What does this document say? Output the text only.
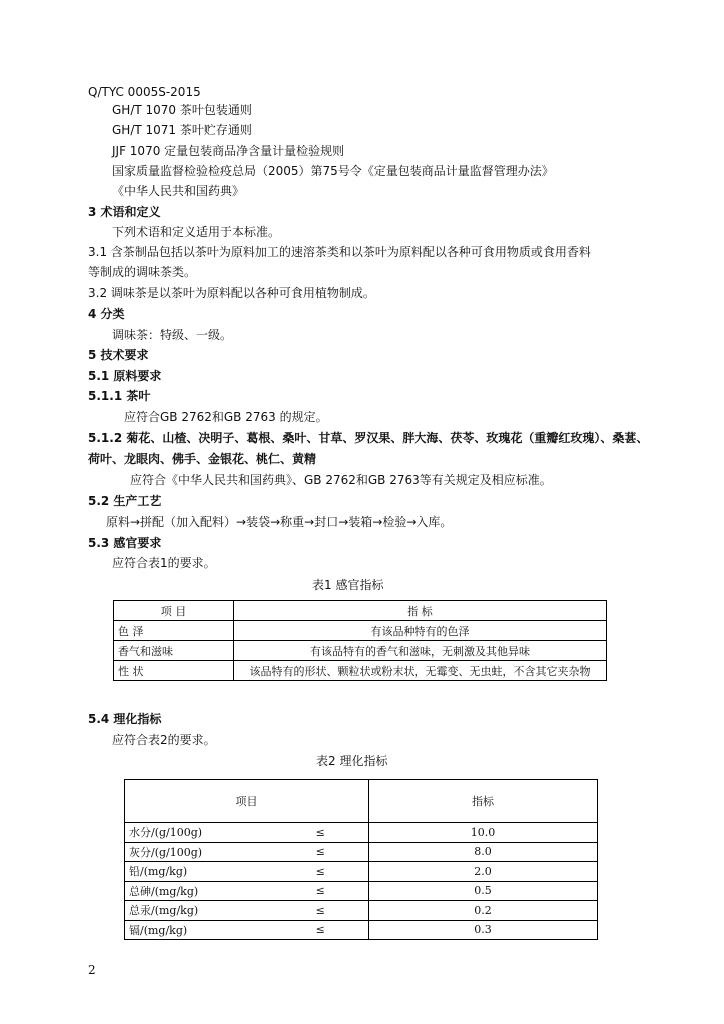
Q/TYC 0005S-2015
GH/T 1070 茶叶包装通则
GH/T 1071 茶叶贮存通则
JJF 1070 定量包装商品净含量计量检验规则
国家质量监督检验检疫总局（2005）第75号令《定量包装商品计量监督管理办法》
《中华人民共和国药典》
3 术语和定义
下列术语和定义适用于本标准。
3.1 含茶制品包括以茶叶为原料加工的速溶茶类和以茶叶为原料配以各种可食用物质或食用香料
等制成的调味茶类。
3.2 调味茶是以茶叶为原料配以各种可食用植物制成。
4 分类
调味茶：特级、一级。
5 技术要求
5.1 原料要求
5.1.1 茶叶
应符合GB 2762和GB 2763 的规定。
5.1.2 菊花、山楂、决明子、葛根、桑叶、甘草、罗汉果、胖大海、茯苓、玫瑰花（重瓣红玫瑰）、桑葚、
荷叶、龙眼肉、佛手、金银花、桃仁、黄精
应符合《中华人民共和国药典》、GB 2762和GB 2763等有关规定及相应标准。
5.2 生产工艺
原料→拼配（加入配料）→装袋→称重→封口→装箱→检验→入库。
5.3 感官要求
应符合表1的要求。
表1 感官指标
项 目	指 标
色 泽	有该品种特有的色泽
香气和滋味	有该品特有的香气和滋味，无刺激及其他异味
性 状	该品特有的形状、颗粒状或粉末状，无霉变、无虫蛀，不含其它夹杂物
5.4 理化指标
应符合表2的要求。
表2 理化指标
项目		指标
水分/(g/100g)	≤	10.0
灰分/(g/100g)	≤	8.0
铅/(mg/kg)	≤	2.0
总砷/(mg/kg)	≤	0.5
总汞/(mg/kg)	≤	0.2
镉/(mg/kg)	≤	0.3
2
